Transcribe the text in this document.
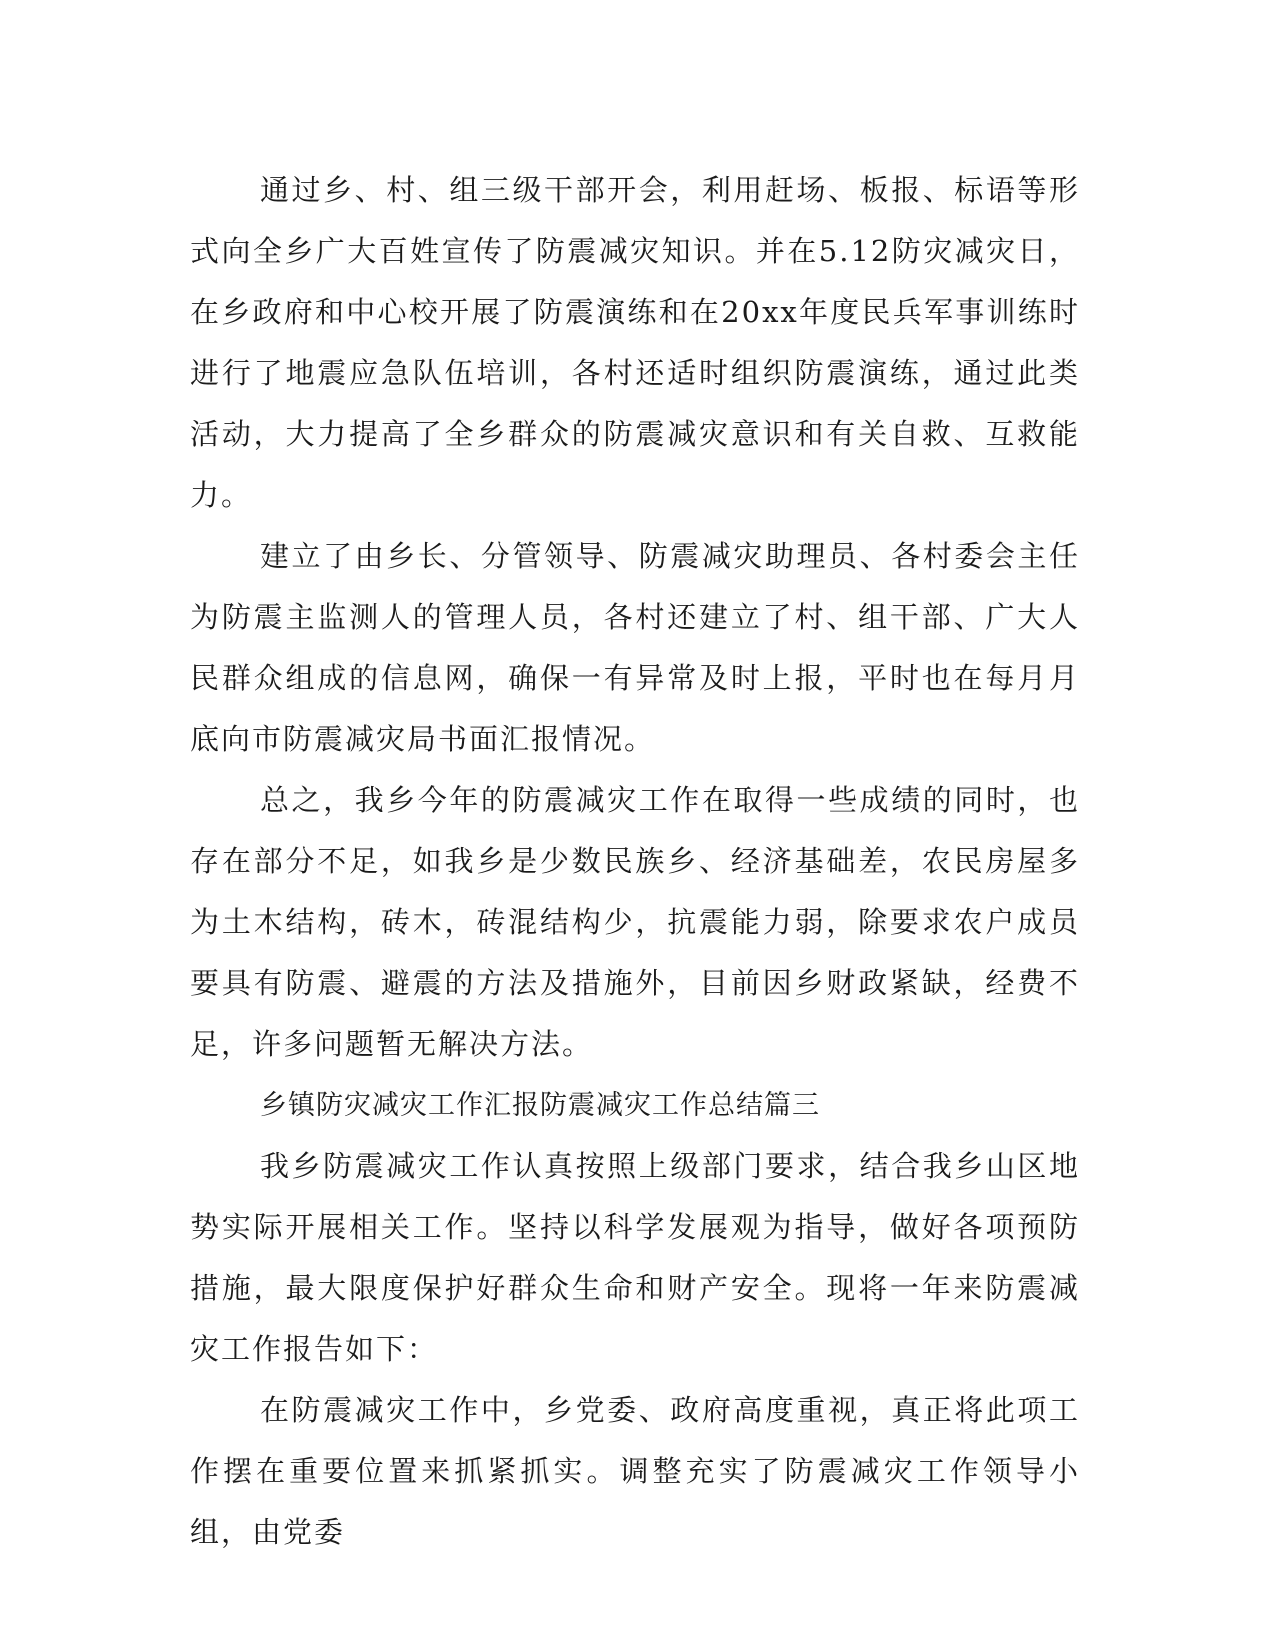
通过乡、村、组三级干部开会，利用赶场、板报、标语等形式向全乡广大百姓宣传了防震减灾知识。并在5.12防灾减灾日，在乡政府和中心校开展了防震演练和在20xx年度民兵军事训练时进行了地震应急队伍培训，各村还适时组织防震演练，通过此类活动，大力提高了全乡群众的防震减灾意识和有关自救、互救能力。

建立了由乡长、分管领导、防震减灾助理员、各村委会主任为防震主监测人的管理人员，各村还建立了村、组干部、广大人民群众组成的信息网，确保一有异常及时上报，平时也在每月月底向市防震减灾局书面汇报情况。

总之，我乡今年的防震减灾工作在取得一些成绩的同时，也存在部分不足，如我乡是少数民族乡、经济基础差，农民房屋多为土木结构，砖木，砖混结构少，抗震能力弱，除要求农户成员要具有防震、避震的方法及措施外，目前因乡财政紧缺，经费不足，许多问题暂无解决方法。

乡镇防灾减灾工作汇报防震减灾工作总结篇三

我乡防震减灾工作认真按照上级部门要求，结合我乡山区地势实际开展相关工作。坚持以科学发展观为指导，做好各项预防措施，最大限度保护好群众生命和财产安全。现将一年来防震减灾工作报告如下：

在防震减灾工作中，乡党委、政府高度重视，真正将此项工作摆在重要位置来抓紧抓实。调整充实了防震减灾工作领导小组，由党委
